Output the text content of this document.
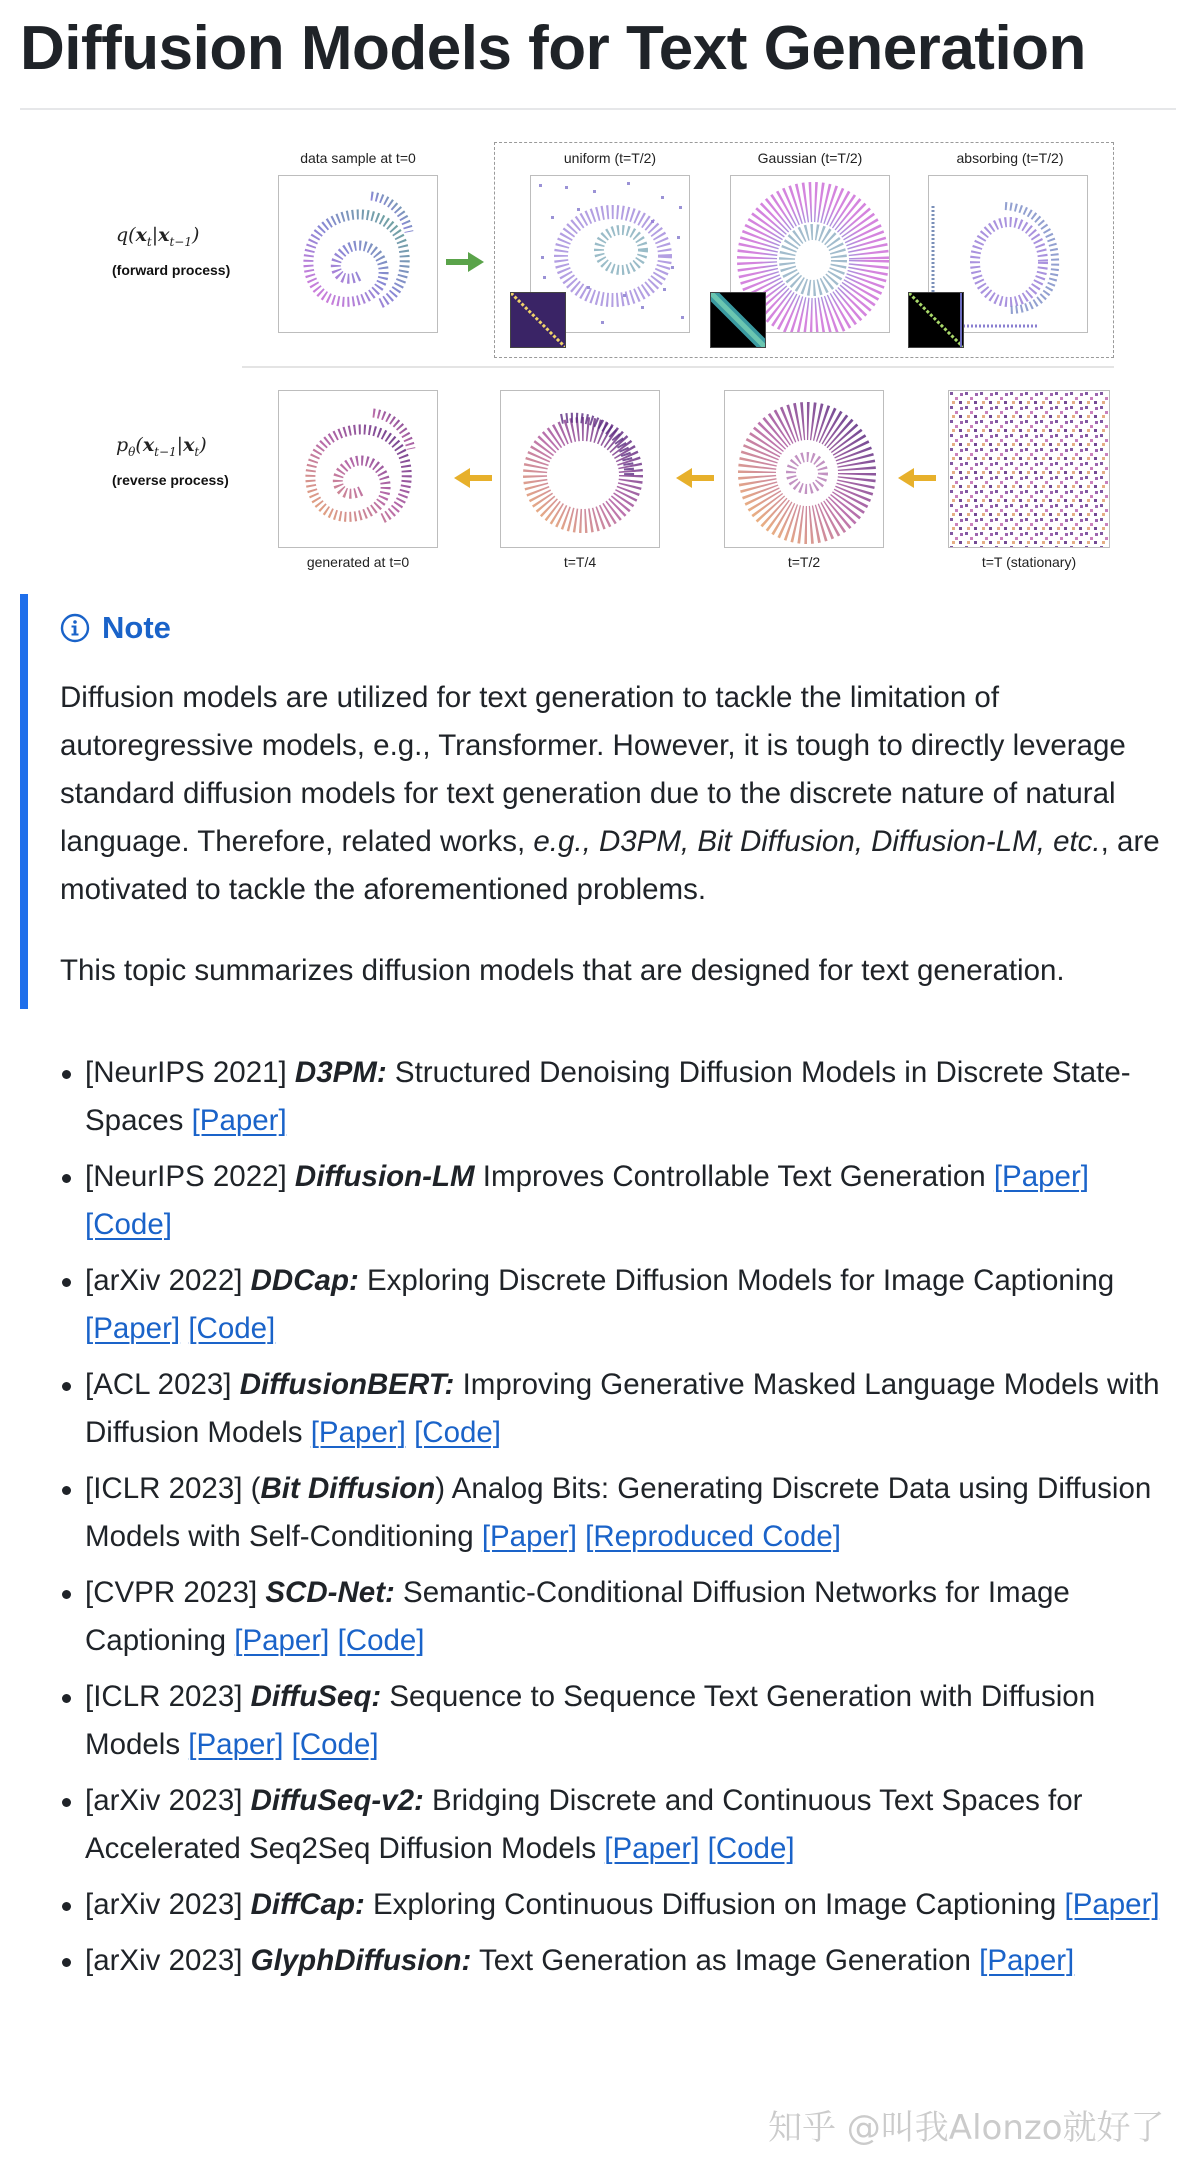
Diffusion Models for Text Generation
$q(x_t|x_{t-1})$
(forward process)
data sample at t=0	uniform (t=T/2)	Gaussian (t=T/2)	absorbing (t=T/2)
$p_\theta(x_{t-1}|x_t)$
(reverse process)
generated at t=0	t=T/4	t=T/2	t=T (stationary)
Note

Diffusion models are utilized for text generation to tackle the limitation of autoregressive models, e.g., Transformer. However, it is tough to directly leverage standard diffusion models for text generation due to the discrete nature of natural language. Therefore, related works, e.g., D3PM, Bit Diffusion, Diffusion-LM, etc., are motivated to tackle the aforementioned problems.

This topic summarizes diffusion models that are designed for text generation.

[NeurIPS 2021] D3PM: Structured Denoising Diffusion Models in Discrete State-Spaces [Paper]
[NeurIPS 2022] Diffusion-LM Improves Controllable Text Generation [Paper] [Code]
[arXiv 2022] DDCap: Exploring Discrete Diffusion Models for Image Captioning [Paper] [Code]
[ACL 2023] DiffusionBERT: Improving Generative Masked Language Models with Diffusion Models [Paper] [Code]
[ICLR 2023] (Bit Diffusion) Analog Bits: Generating Discrete Data using Diffusion Models with Self-Conditioning [Paper] [Reproduced Code]
[CVPR 2023] SCD-Net: Semantic-Conditional Diffusion Networks for Image Captioning [Paper] [Code]
[ICLR 2023] DiffuSeq: Sequence to Sequence Text Generation with Diffusion Models [Paper] [Code]
[arXiv 2023] DiffuSeq-v2: Bridging Discrete and Continuous Text Spaces for Accelerated Seq2Seq Diffusion Models [Paper] [Code]
[arXiv 2023] DiffCap: Exploring Continuous Diffusion on Image Captioning [Paper]
[arXiv 2023] GlyphDiffusion: Text Generation as Image Generation [Paper]
知乎 @叫我Alonzo就好了
